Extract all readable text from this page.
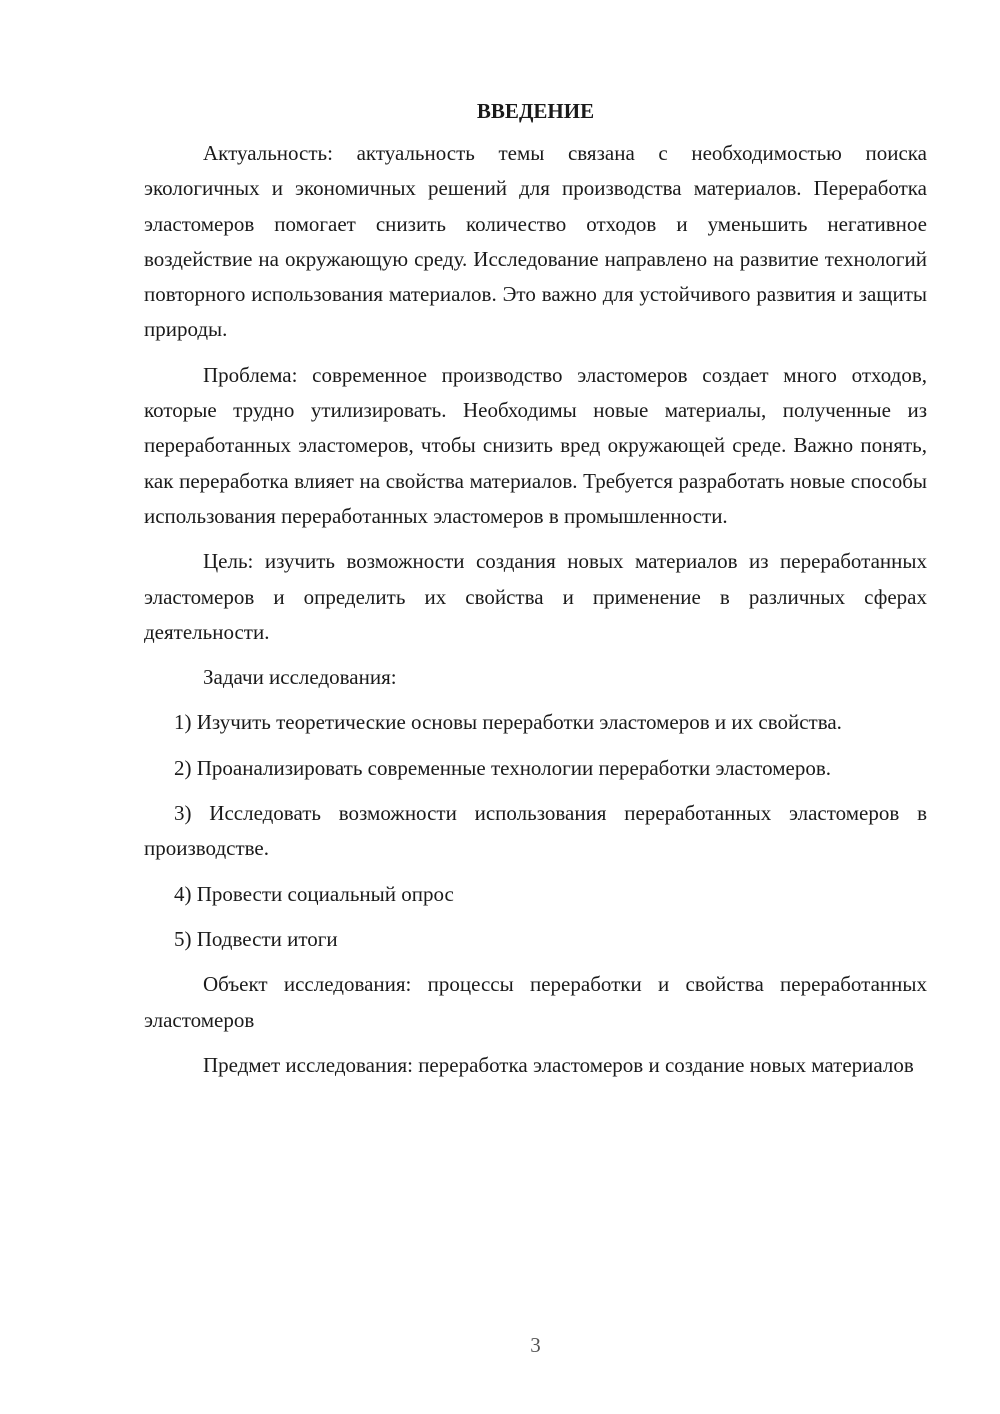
ВВЕДЕНИЕ

Актуальность: актуальность темы связана с необходимостью поиска экологичных и экономичных решений для производства материалов. Переработка эластомеров помогает снизить количество отходов и уменьшить негативное воздействие на окружающую среду. Исследование направлено на развитие технологий повторного использования материалов. Это важно для устойчивого развития и защиты природы.

Проблема: современное производство эластомеров создает много отходов, которые трудно утилизировать. Необходимы новые материалы, полученные из переработанных эластомеров, чтобы снизить вред окружающей среде. Важно понять, как переработка влияет на свойства материалов. Требуется разработать новые способы использования переработанных эластомеров в промышленности.

Цель: изучить возможности создания новых материалов из переработанных эластомеров и определить их свойства и применение в различных сферах деятельности.

Задачи исследования:

1) Изучить теоретические основы переработки эластомеров и их свойства.

2) Проанализировать современные технологии переработки эластомеров.

3) Исследовать возможности использования переработанных эластомеров в производстве.

4) Провести социальный опрос

5) Подвести итоги

Объект исследования: процессы переработки и свойства переработанных эластомеров

Предмет исследования: переработка эластомеров и создание новых материалов

3
